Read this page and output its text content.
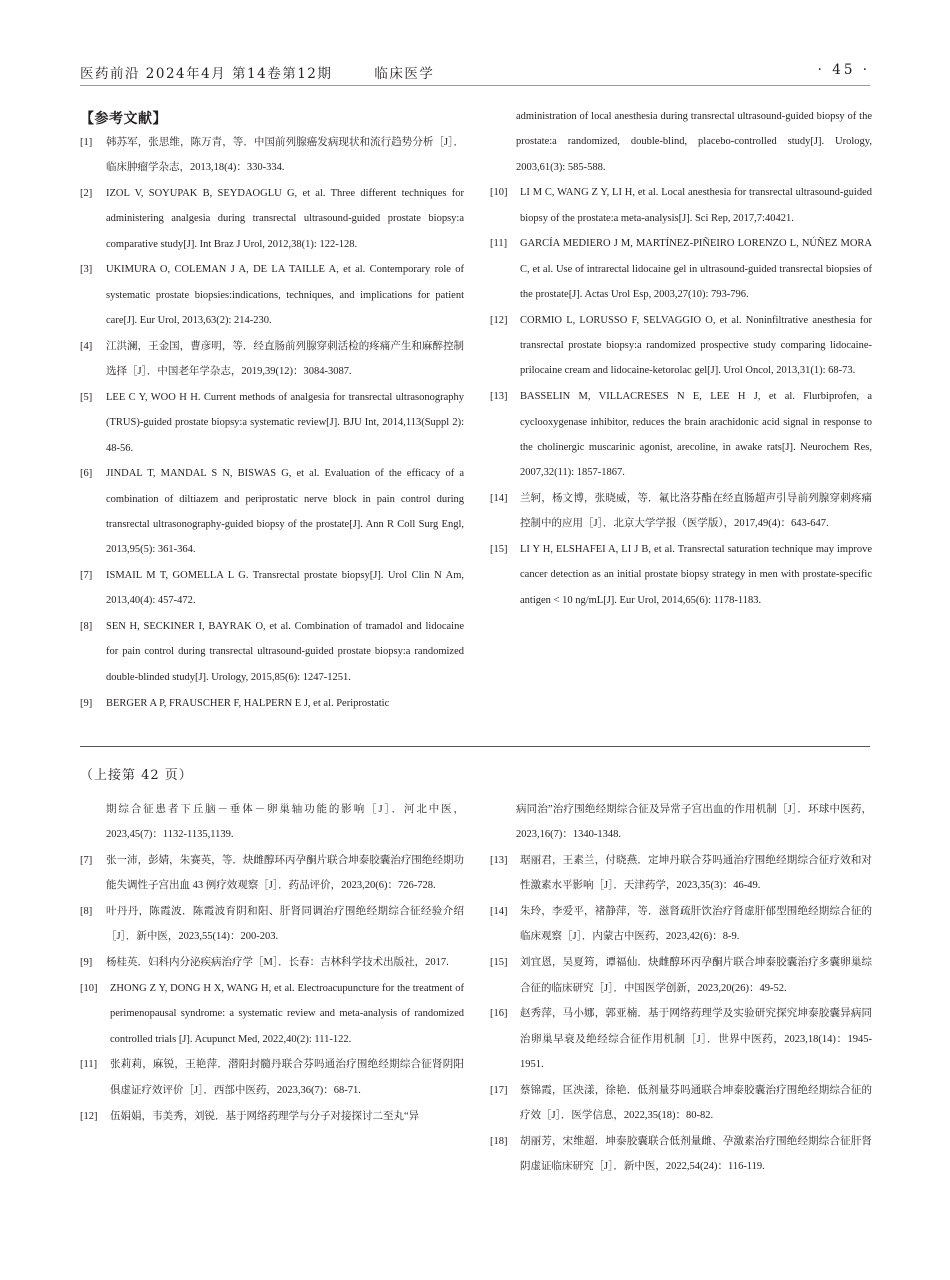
医药前沿 2024年4月 第14卷第12期	临床医学	· 45 ·
【参考文献】
[1] 韩苏军，张思维，陈万青，等．中国前列腺癌发病现状和流行趋势分析［J］．临床肿瘤学杂志，2013,18(4)：330-334.
[2] IZOL V, SOYUPAK B, SEYDAOGLU G, et al. Three different techniques for administering analgesia during transrectal ultrasound-guided prostate biopsy:a comparative study[J]. Int Braz J Urol, 2012,38(1): 122-128.
[3] UKIMURA O, COLEMAN J A, DE LA TAILLE A, et al. Contemporary role of systematic prostate biopsies:indications, techniques, and implications for patient care[J]. Eur Urol, 2013,63(2): 214-230.
[4] 江洪澜，王金国，曹彦明，等．经直肠前列腺穿刺活检的疼痛产生和麻醉控制选择［J］．中国老年学杂志，2019,39(12)：3084-3087.
[5] LEE C Y, WOO H H. Current methods of analgesia for transrectal ultrasonography (TRUS)-guided prostate biopsy:a systematic review[J]. BJU Int, 2014,113(Suppl 2): 48-56.
[6] JINDAL T, MANDAL S N, BISWAS G, et al. Evaluation of the efficacy of a combination of diltiazem and periprostatic nerve block in pain control during transrectal ultrasonography-guided biopsy of the prostate[J]. Ann R Coll Surg Engl, 2013,95(5): 361-364.
[7] ISMAIL M T, GOMELLA L G. Transrectal prostate biopsy[J]. Urol Clin N Am, 2013,40(4): 457-472.
[8] SEN H, SECKINER I, BAYRAK O, et al. Combination of tramadol and lidocaine for pain control during transrectal ultrasound-guided prostate biopsy:a randomized double-blinded study[J]. Urology, 2015,85(6): 1247-1251.
[9] BERGER A P, FRAUSCHER F, HALPERN E J, et al. Periprostatic
administration of local anesthesia during transrectal ultrasound-guided biopsy of the prostate:a randomized, double-blind, placebo-controlled study[J]. Urology, 2003,61(3): 585-588.
[10] LI M C, WANG Z Y, LI H, et al. Local anesthesia for transrectal ultrasound-guided biopsy of the prostate:a meta-analysis[J]. Sci Rep, 2017,7:40421.
[11] GARCÍA MEDIERO J M, MARTÍNEZ-PIÑEIRO LORENZO L, NÚÑEZ MORA C, et al. Use of intrarectal lidocaine gel in ultrasound-guided transrectal biopsies of the prostate[J]. Actas Urol Esp, 2003,27(10): 793-796.
[12] CORMIO L, LORUSSO F, SELVAGGIO O, et al. Noninfiltrative anesthesia for transrectal prostate biopsy:a randomized prospective study comparing lidocaine-prilocaine cream and lidocaine-ketorolac gel[J]. Urol Oncol, 2013,31(1): 68-73.
[13] BASSELIN M, VILLACRESES N E, LEE H J, et al. Flurbiprofen, a cyclooxygenase inhibitor, reduces the brain arachidonic acid signal in response to the cholinergic muscarinic agonist, arecoline, in awake rats[J]. Neurochem Res, 2007,32(11): 1857-1867.
[14] 兰轲，杨文博，张晓威，等．氟比洛芬酯在经直肠超声引导前列腺穿刺疼痛控制中的应用［J］．北京大学学报（医学版），2017,49(4)：643-647.
[15] LI Y H, ELSHAFEI A, LI J B, et al. Transrectal saturation technique may improve cancer detection as an initial prostate biopsy strategy in men with prostate-specific antigen < 10 ng/mL[J]. Eur Urol, 2014,65(6): 1178-1183.
（上接第 42 页）
期综合征患者下丘脑－垂体－卵巢轴功能的影响［J］．河北中医，2023,45(7)：1132-1135,1139.
[7] 张一沛，彭婧，朱赛英，等．炔雌醇环丙孕酮片联合坤泰胶囊治疗围绝经期功能失调性子宫出血 43 例疗效观察［J］．药品评价，2023,20(6)：726-728.
[8] 叶丹丹，陈霞波．陈霞波育阴和阳、肝肾同调治疗围绝经期综合征经验介绍［J］．新中医，2023,55(14)：200-203.
[9] 杨桂英．妇科内分泌疾病治疗学［M］．长春：吉林科学技术出版社，2017.
[10] ZHONG Z Y, DONG H X, WANG H, et al. Electroacupuncture for the treatment of perimenopausal syndrome: a systematic review and meta-analysis of randomized controlled trials [J]. Acupunct Med, 2022,40(2): 111-122.
[11] 张莉莉，麻锐，王艳萍．潜阳封髓丹联合芬吗通治疗围绝经期综合征肾阴阳俱虚证疗效评价［J］．西部中医药，2023,36(7)：68-71.
[12] 伍娟娟，韦美秀，刘锐．基于网络药理学与分子对接探讨二至丸“异
病同治”治疗围绝经期综合征及异常子宫出血的作用机制［J］．环球中医药，2023,16(7)：1340-1348.
[13] 琚丽君，王素兰，付晓燕．定坤丹联合芬吗通治疗围绝经期综合征疗效和对性激素水平影响［J］．天津药学，2023,35(3)：46-49.
[14] 朱玲，李爱平，褚静萍，等．滋肾疏肝饮治疗肾虚肝郁型围绝经期综合征的临床观察［J］．内蒙古中医药，2023,42(6)：8-9.
[15] 刘宜恩，吴夏筠，谭福仙．炔雌醇环丙孕酮片联合坤泰胶囊治疗多囊卵巢综合征的临床研究［J］．中国医学创新，2023,20(26)：49-52.
[16] 赵秀萍，马小娜，郭亚楠．基于网络药理学及实验研究探究坤泰胶囊异病同治卵巢早衰及绝经综合征作用机制［J］．世界中医药，2023,18(14)：1945-1951.
[17] 蔡锦霞，匡泱漾，徐艳．低剂量芬吗通联合坤泰胶囊治疗围绝经期综合征的疗效［J］．医学信息，2022,35(18)：80-82.
[18] 胡丽芳，宋维超．坤泰胶囊联合低剂量雌、孕激素治疗围绝经期综合征肝肾阴虚证临床研究［J］．新中医，2022,54(24)：116-119.
